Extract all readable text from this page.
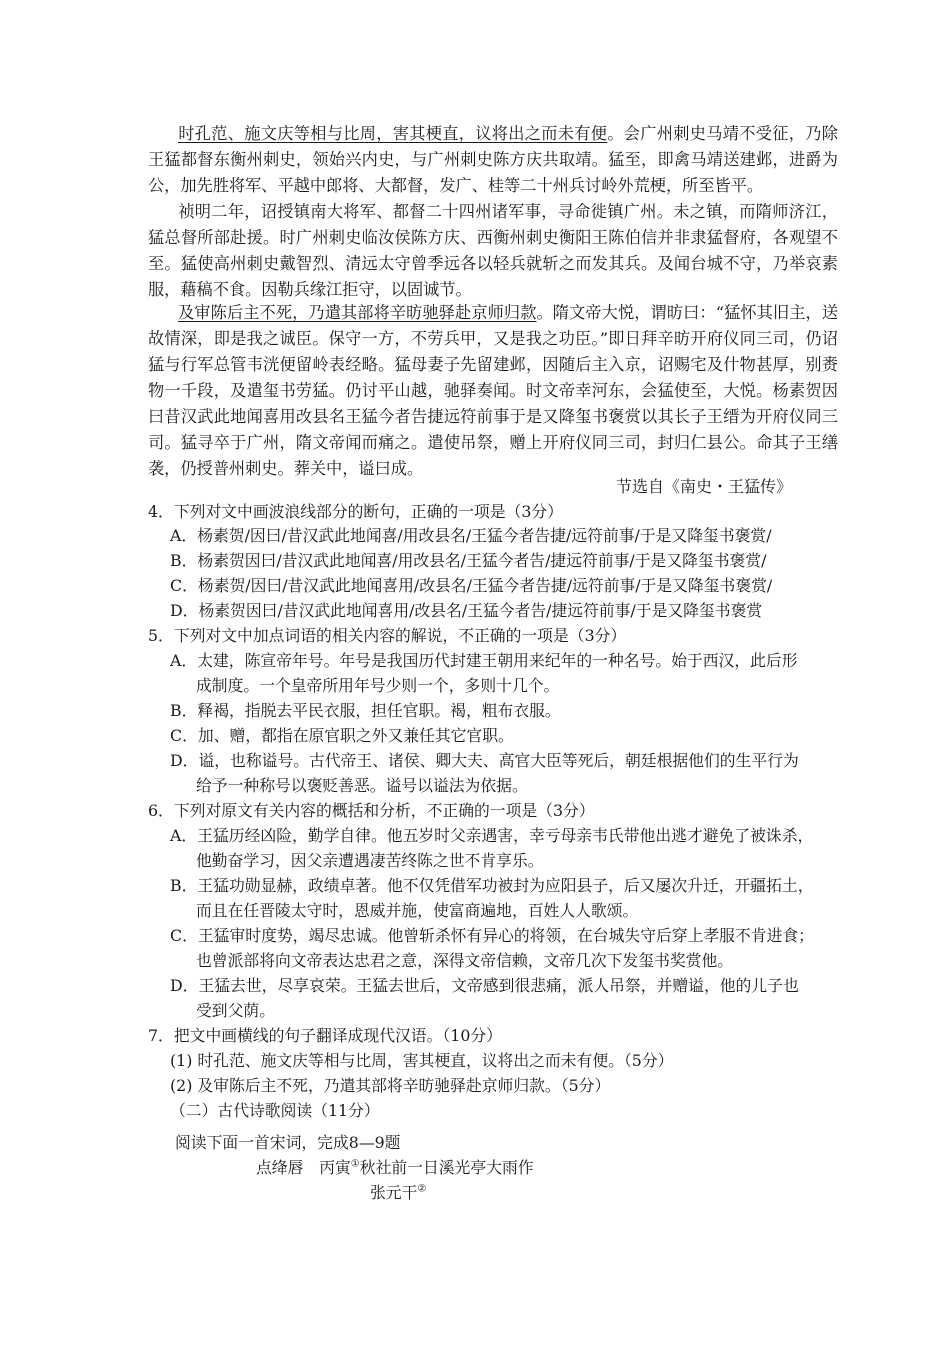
时孔范、施文庆等相与比周，害其梗直，议将出之而未有便。会广州刺史马靖不受征，乃除王猛都督东衡州刺史，领始兴内史，与广州刺史陈方庆共取靖。猛至，即禽马靖送建邺，进爵为公，加先胜将军、平越中郎将、大都督，发广、桂等二十州兵讨岭外荒梗，所至皆平。
祯明二年，诏授镇南大将军、都督二十四州诸军事，寻命徙镇广州。未之镇，而隋师济江，猛总督所部赴援。时广州刺史临汝侯陈方庆、西衡州刺史衡阳王陈伯信并非隶猛督府，各观望不至。猛使高州刺史戴智烈、清远太守曾季远各以轻兵就斩之而发其兵。及闻台城不守，乃举哀素服，藉稿不食。因勒兵缘江拒守，以固诚节。
及审陈后主不死，乃遣其部将辛昉驰驿赴京师归款。隋文帝大悦，谓昉曰：“猛怀其旧主，送故情深，即是我之诚臣。保守一方，不劳兵甲，又是我之功臣。”即日拜辛昉开府仪同三司，仍诏猛与行军总管韦洸便留岭表经略。猛母妻子先留建邺，因随后主入京，诏赐宅及什物甚厚，别赉物一千段，及遣玺书劳猛。仍讨平山越，驰驿奏闻。时文帝幸河东，会猛使至，大悦。杨素贺因曰昔汉武此地闻喜用改县名王猛今者告捷远符前事于是又降玺书褒赏以其长子王缙为开府仪同三司。猛寻卒于广州，隋文帝闻而痛之。遣使吊祭，赠上开府仪同三司，封归仁县公。命其子王缮袭，仍授普州刺史。葬关中，谥曰成。
节选自《南史・王猛传》
4．下列对文中画波浪线部分的断句，正确的一项是（3分）
A．杨素贺/因曰/昔汉武此地闻喜/用改县名/王猛今者告捷/远符前事/于是又降玺书褒赏/
B．杨素贺因曰/昔汉武此地闻喜/用改县名/王猛今者告/捷远符前事/于是又降玺书褒赏/
C．杨素贺/因曰/昔汉武此地闻喜用/改县名/王猛今者告捷/远符前事/于是又降玺书褒赏/
D．杨素贺因曰/昔汉武此地闻喜用/改县名/王猛今者告/捷远符前事/于是又降玺书褒赏
5．下列对文中加点词语的相关内容的解说，不正确的一项是（3分）
A．太建，陈宣帝年号。年号是我国历代封建王朝用来纪年的一种名号。始于西汉，此后形
成制度。一个皇帝所用年号少则一个，多则十几个。
B．释褐，指脱去平民衣服，担任官职。褐，粗布衣服。
C．加、赠，都指在原官职之外又兼任其它官职。
D．谥，也称谥号。古代帝王、诸侯、卿大夫、高官大臣等死后，朝廷根据他们的生平行为
给予一种称号以褒贬善恶。谥号以谥法为依据。
6．下列对原文有关内容的概括和分析，不正确的一项是（3分）
A．王猛历经凶险，勤学自律。他五岁时父亲遇害，幸亏母亲韦氏带他出逃才避免了被诛杀，
他勤奋学习，因父亲遭遇凄苦终陈之世不肯享乐。
B．王猛功勋显赫，政绩卓著。他不仅凭借军功被封为应阳县子，后又屡次升迁，开疆拓土，
而且在任晋陵太守时，恩威并施，使富商遍地，百姓人人歌颂。
C．王猛审时度势，竭尽忠诚。他曾斩杀怀有异心的将领，在台城失守后穿上孝服不肯进食；
也曾派部将向文帝表达忠君之意，深得文帝信赖，文帝几次下发玺书奖赏他。
D．王猛去世，尽享哀荣。王猛去世后，文帝感到很悲痛，派人吊祭，并赠谥，他的儿子也
受到父荫。
7．把文中画横线的句子翻译成现代汉语。（10分）
(1) 时孔范、施文庆等相与比周，害其梗直，议将出之而未有便。（5分）
(2) 及审陈后主不死，乃遣其部将辛昉驰驿赴京师归款。（5分）
（二）古代诗歌阅读（11分）
阅读下面一首宋词，完成8—9题
点绛唇　丙寅①秋社前一日溪光亭大雨作
张元干②
